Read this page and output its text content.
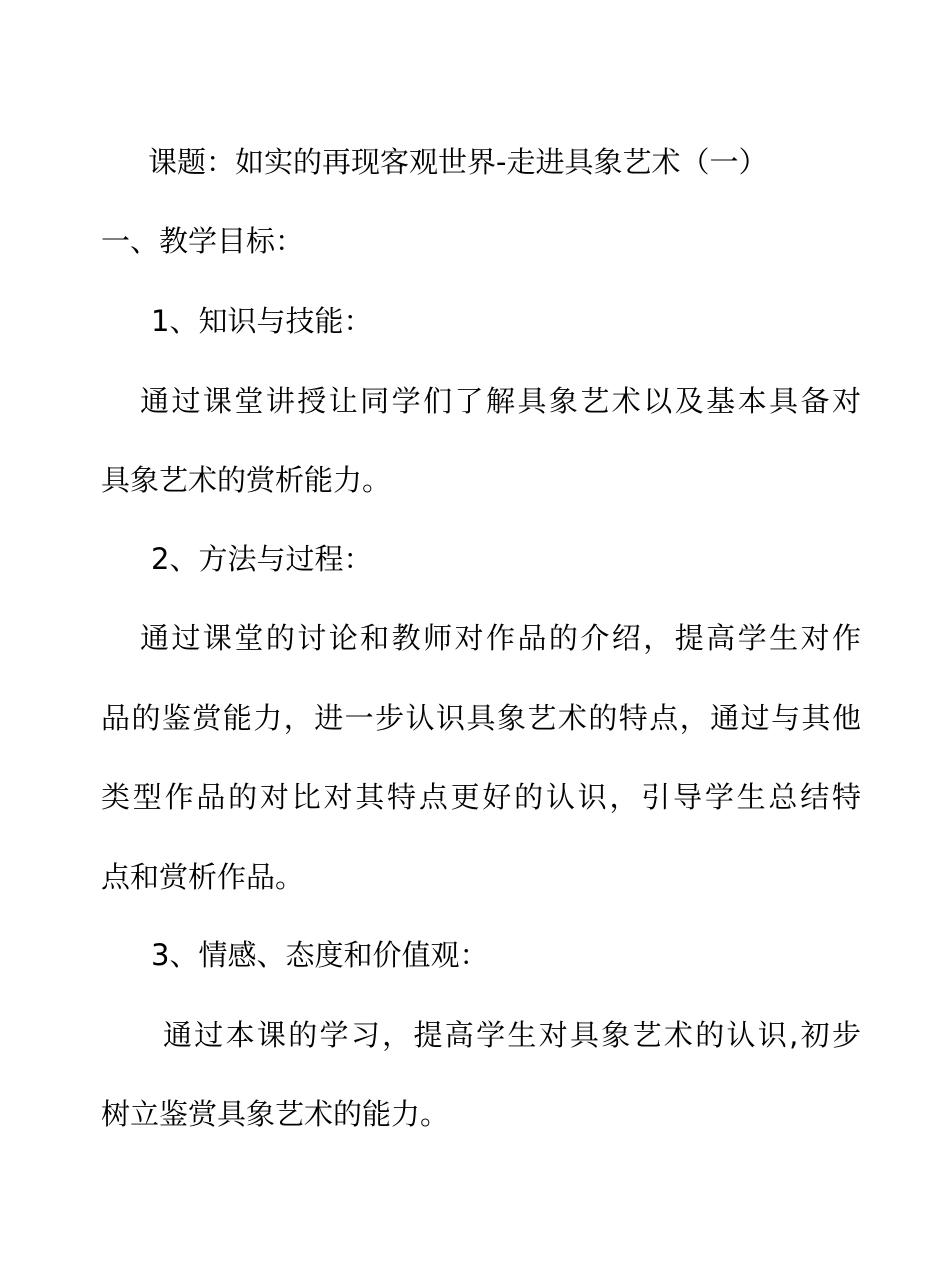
课题：如实的再现客观世界-走进具象艺术（一）
一、教学目标：
1、知识与技能：
通过课堂讲授让同学们了解具象艺术以及基本具备对
具象艺术的赏析能力。
2、方法与过程：
通过课堂的讨论和教师对作品的介绍，提高学生对作
品的鉴赏能力，进一步认识具象艺术的特点，通过与其他
类型作品的对比对其特点更好的认识，引导学生总结特
点和赏析作品。
3、情感、态度和价值观：
通过本课的学习，提高学生对具象艺术的认识,初步
树立鉴赏具象艺术的能力。
